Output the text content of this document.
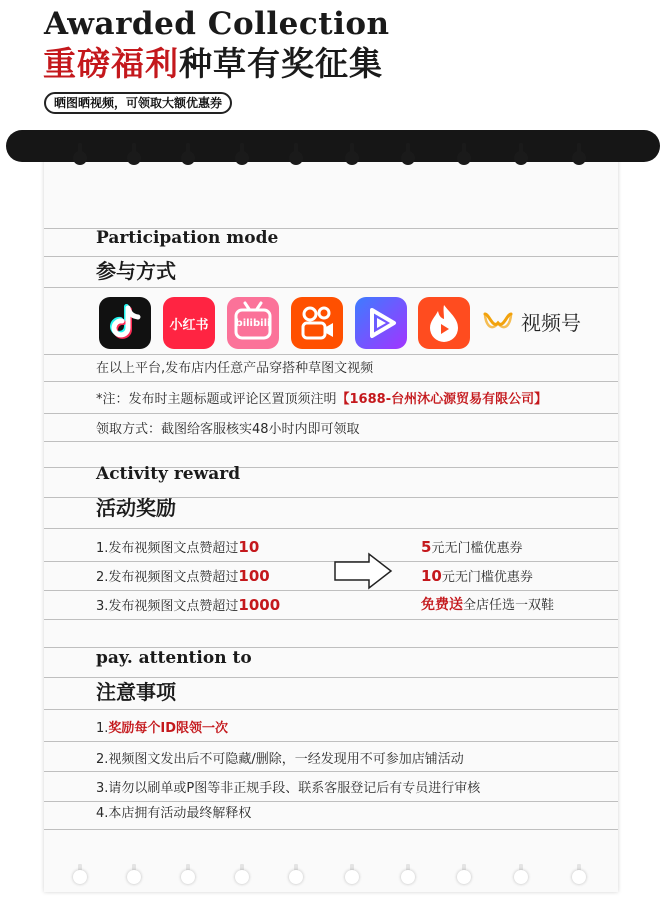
Awarded Collection
重磅福利种草有奖征集
晒图晒视频，可领取大额优惠券
Participation mode
参与方式
小红书	bilibili	视频号
在以上平台,发布店内任意产品穿搭种草图文视频
*注：发布时主题标题或评论区置顶须注明【1688-台州沐心源贸易有限公司】
领取方式：截图给客服核实48小时内即可领取
Activity reward
活动奖励
1.发布视频图文点赞超过10
2.发布视频图文点赞超过100
3.发布视频图文点赞超过1000
5元无门槛优惠券
10元无门槛优惠券
免费送全店任选一双鞋
pay. attention to
注意事项
1.奖励每个ID限领一次
2.视频图文发出后不可隐藏/删除，一经发现用不可参加店铺活动
3.请勿以刷单或P图等非正规手段、联系客服登记后有专员进行审核
4.本店拥有活动最终解释权
